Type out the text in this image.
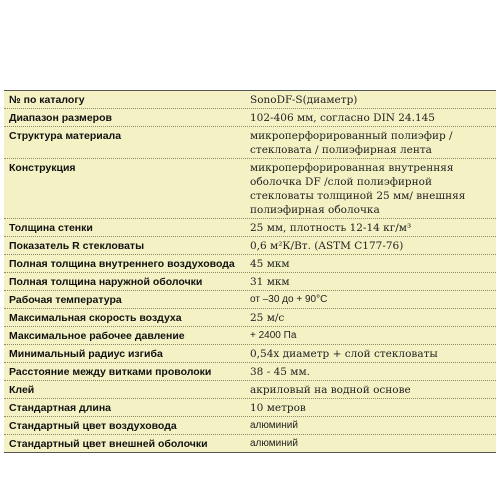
№ по каталогу	SonoDF-S(диаметр)
Диапазон размеров	102-406 мм, согласно DIN 24.145
Структура материала	микроперфорированный полиэфир / стекловата / полиэфирная лента
Конструкция	микроперфорированная внутренняя оболочка DF /слой полиэфирной стекловаты толщиной 25 мм/ внешняя полиэфирная оболочка
Толщина стенки	25 мм, плотность 12-14 кг/м³
Показатель R стекловаты	0,6 м²К/Вт. (ASTM C177-76)
Полная толщина внутреннего воздуховода	45 мкм
Полная толщина наружной оболочки	31 мкм
Рабочая температура	от –30 до + 90°C
Максимальная скорость воздуха	25 м/с
Максимальное рабочее давление	+ 2400 Па
Минимальный радиус изгиба	0,54х диаметр + слой стекловаты
Расстояние между витками проволоки	38 - 45 мм.
Клей	акриловый на водной основе
Стандартная длина	10 метров
Стандартный цвет воздуховода	алюминий
Стандартный цвет внешней оболочки	алюминий
